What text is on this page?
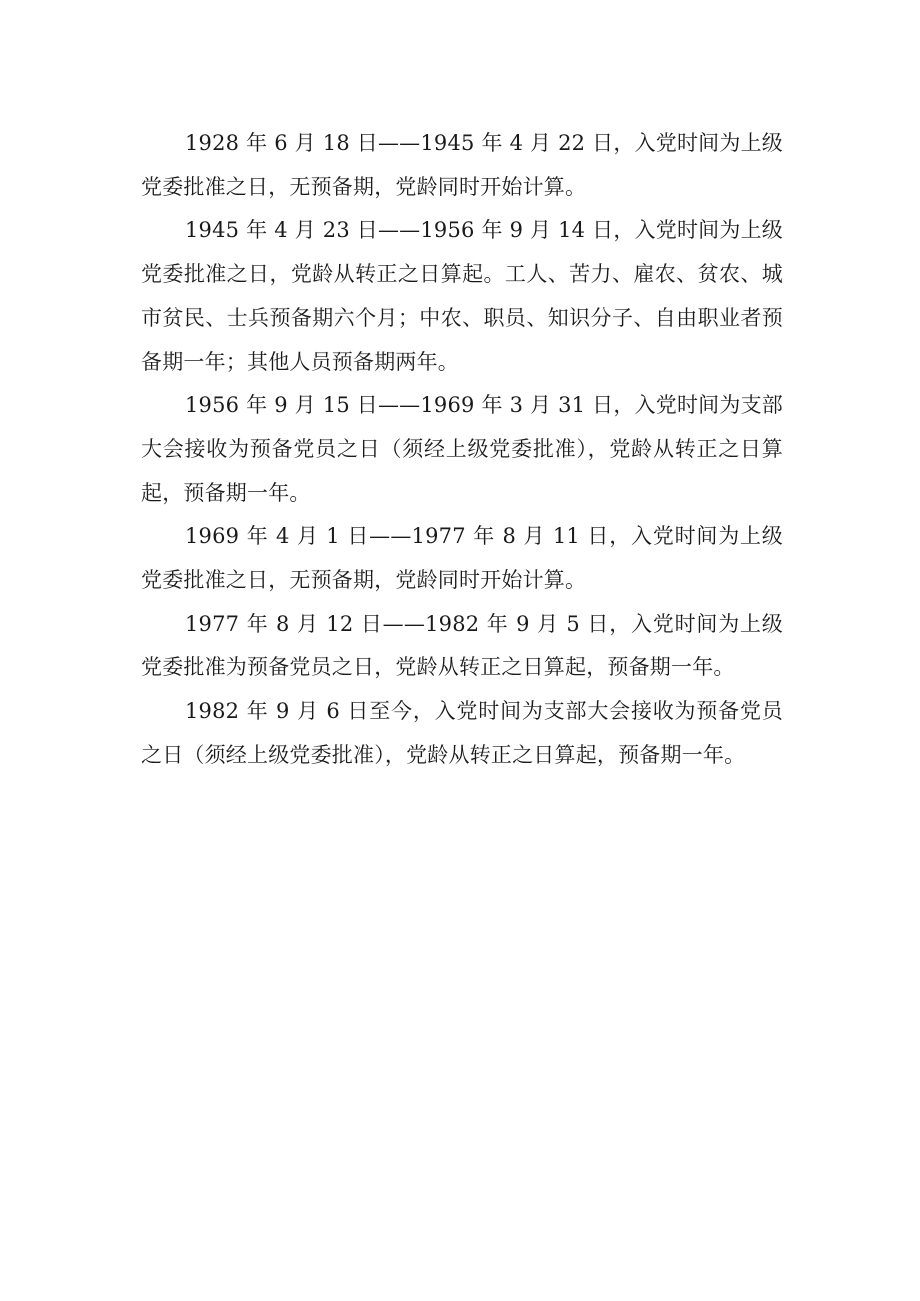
1928 年 6 月 18 日——1945 年 4 月 22 日，入党时间为上级党委批准之日，无预备期，党龄同时开始计算。

1945 年 4 月 23 日——1956 年 9 月 14 日，入党时间为上级党委批准之日，党龄从转正之日算起。工人、苦力、雇农、贫农、城市贫民、士兵预备期六个月；中农、职员、知识分子、自由职业者预备期一年；其他人员预备期两年。

1956 年 9 月 15 日——1969 年 3 月 31 日，入党时间为支部大会接收为预备党员之日（须经上级党委批准），党龄从转正之日算起，预备期一年。

1969 年 4 月 1 日——1977 年 8 月 11 日，入党时间为上级党委批准之日，无预备期，党龄同时开始计算。

1977 年 8 月 12 日——1982 年 9 月 5 日，入党时间为上级党委批准为预备党员之日，党龄从转正之日算起，预备期一年。

1982 年 9 月 6 日至今，入党时间为支部大会接收为预备党员之日（须经上级党委批准），党龄从转正之日算起，预备期一年。
